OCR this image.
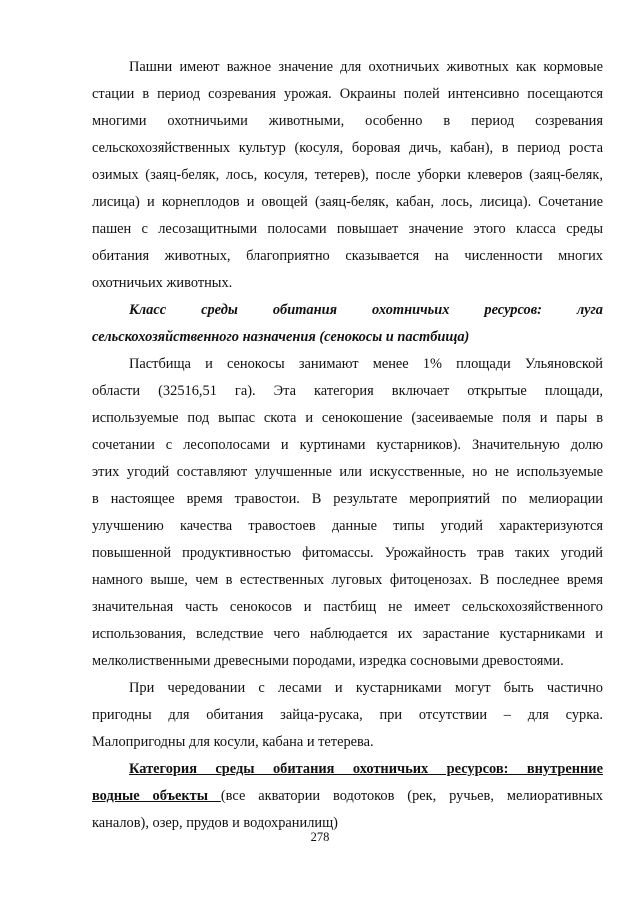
Пашни имеют важное значение для охотничьих животных как кормовые
стации в период созревания урожая. Окраины полей интенсивно посещаются
многими охотничьими животными, особенно в период созревания
сельскохозяйственных культур (косуля, боровая дичь, кабан), в период роста
озимых (заяц-беляк, лось, косуля, тетерев), после уборки клеверов (заяц-беляк,
лисица) и корнеплодов и овощей (заяц-беляк, кабан, лось, лисица). Сочетание
пашен с лесозащитными полосами повышает значение этого класса среды
обитания животных, благоприятно сказывается на численности многих
охотничьих животных.
Класс среды обитания охотничьих ресурсов: луга
сельскохозяйственного назначения (сенокосы и пастбища)
Пастбища и сенокосы занимают менее 1% площади Ульяновской
области (32516,51 га). Эта категория включает открытые площади,
используемые под выпас скота и сенокошение (засеиваемые поля и пары в
сочетании с лесополосами и куртинами кустарников). Значительную долю
этих угодий составляют улучшенные или искусственные, но не используемые
в настоящее время травостои. В результате мероприятий по мелиорации
улучшению качества травостоев данные типы угодий характеризуются
повышенной продуктивностью фитомассы. Урожайность трав таких угодий
намного выше, чем в естественных луговых фитоценозах. В последнее время
значительная часть сенокосов и пастбищ не имеет сельскохозяйственного
использования, вследствие чего наблюдается их зарастание кустарниками и
мелколиственными древесными породами, изредка сосновыми древостоями.
При чередовании с лесами и кустарниками могут быть частично
пригодны для обитания зайца-русака, при отсутствии – для сурка.
Малопригодны для косули, кабана и тетерева.
Категория среды обитания охотничьих ресурсов: внутренние
водные объекты (все акватории водотоков (рек, ручьев, мелиоративных
каналов), озер, прудов и водохранилищ)
278
